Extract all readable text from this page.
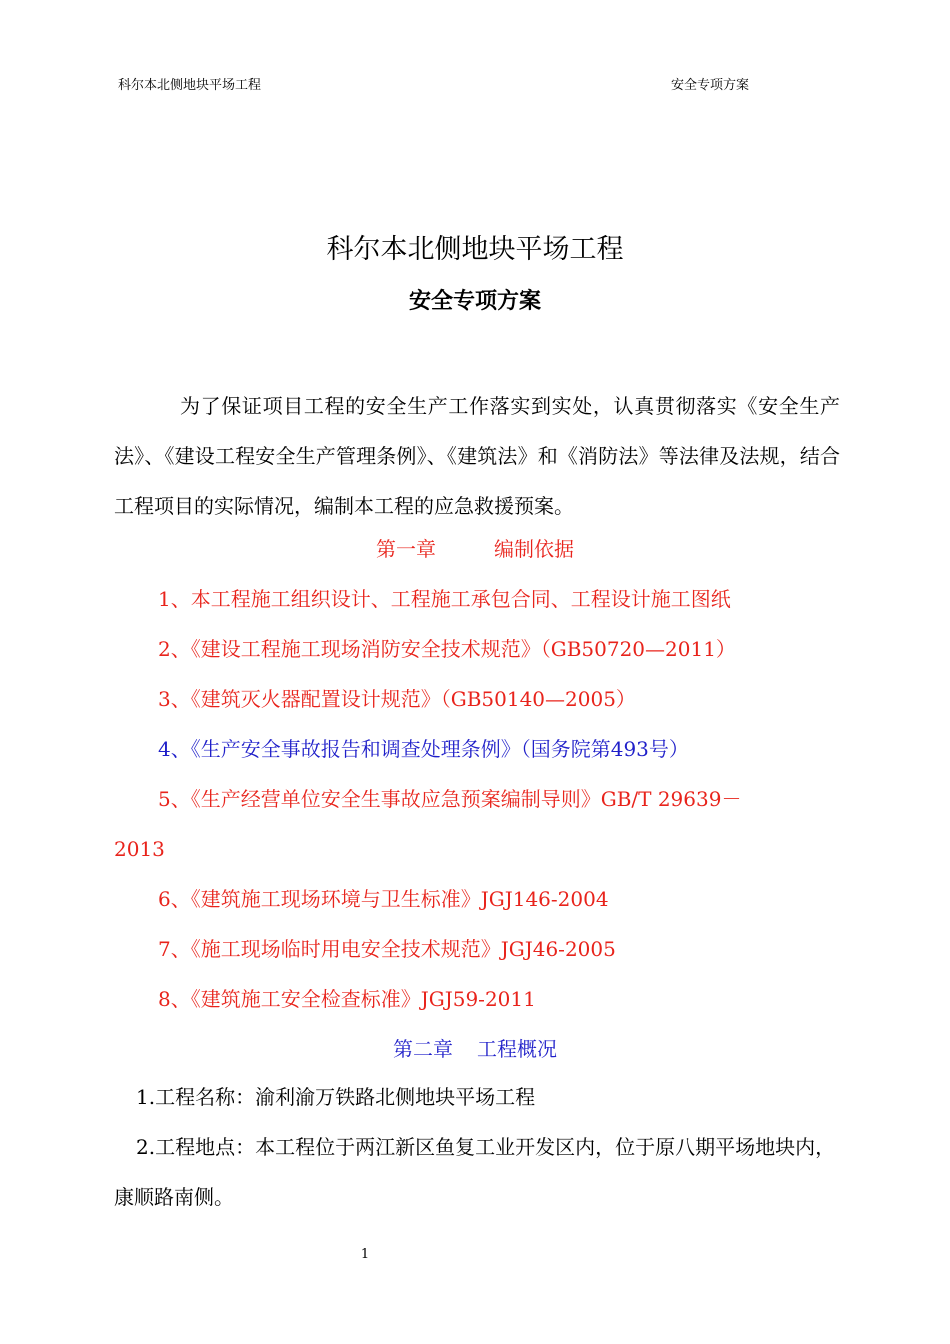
科尔本北侧地块平场工程	安全专项方案
科尔本北侧地块平场工程
安全专项方案
为了保证项目工程的安全生产工作落实到实处，认真贯彻落实《安全生产法》、《建设工程安全生产管理条例》、《建筑法》和《消防法》等法律及法规，结合工程项目的实际情况，编制本工程的应急救援预案。
第一章	编制依据
1、本工程施工组织设计、工程施工承包合同、工程设计施工图纸
2、《建设工程施工现场消防安全技术规范》（GB50720—2011）
3、《建筑灭火器配置设计规范》（GB50140—2005）
4、《生产安全事故报告和调查处理条例》（国务院第493号）
5、《生产经营单位安全生事故应急预案编制导则》GB/T 29639－
2013
6、《建筑施工现场环境与卫生标准》JGJ146-2004
7、《施工现场临时用电安全技术规范》JGJ46-2005
8、《建筑施工安全检查标准》JGJ59-2011
第二章 工程概况
1.工程名称：渝利渝万铁路北侧地块平场工程
2.工程地点：本工程位于两江新区鱼复工业开发区内，位于原八期平场地块内，康顺路南侧。
1
